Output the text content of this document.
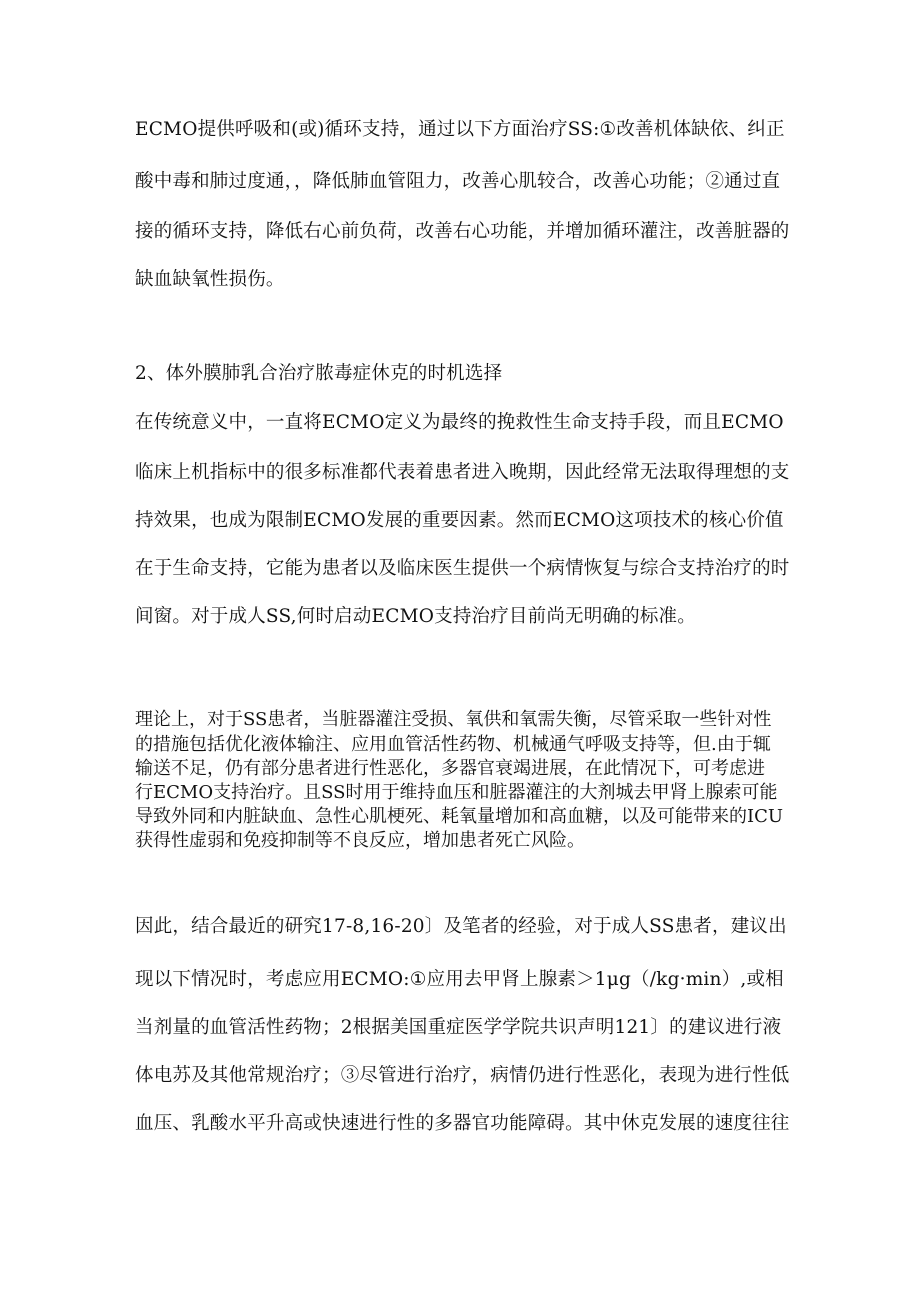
ECMO提供呼吸和(或)循环支持，通过以下方面治疗SS:①改善机体缺依、纠正
酸中毒和肺过度通，，降低肺血管阻力，改善心肌较合，改善心功能；②通过直
接的循环支持，降低右心前负荷，改善右心功能，并增加循环灌注，改善脏器的
缺血缺氧性损伤。
2、体外膜肺乳合治疗脓毒症休克的时机选择
在传统意义中，一直将ECMO定义为最终的挽救性生命支持手段，而且ECMO
临床上机指标中的很多标准都代表着患者进入晚期，因此经常无法取得理想的支
持效果，也成为限制ECMO发展的重要因素。然而ECMO这项技术的核心价值
在于生命支持，它能为患者以及临床医生提供一个病情恢复与综合支持治疗的时
间窗。对于成人SS,何时启动ECMO支持治疗目前尚无明确的标准。
理论上，对于SS患者，当脏器灌注受损、氧供和氧需失衡，尽管采取一些针对性
的措施包括优化液体输注、应用血管活性药物、机械通气呼吸支持等，但.由于辄
输送不足，仍有部分患者进行性恶化，多器官衰竭进展，在此情况下，可考虑进
行ECMO支持治疗。且SS时用于维持血压和脏器灌注的大剂城去甲肾上腺索可能
导致外同和内脏缺血、急性心肌梗死、耗氧量增加和高血糖，以及可能带来的ICU
获得性虚弱和免疫抑制等不良反应，增加患者死亡风险。
因此，结合最近的研究17-8,16-20〕及笔者的经验，对于成人SS患者，建议出
现以下情况时，考虑应用ECMO:①应用去甲肾上腺素＞1μg（∕kg·min）,或相
当剂量的血管活性药物；2根据美国重症医学学院共识声明121〕的建议进行液
体电苏及其他常规治疗；③尽管进行治疗，病情仍进行性恶化，表现为进行性低
血压、乳酸水平升高或快速进行性的多器官功能障碍。其中休克发展的速度往往
